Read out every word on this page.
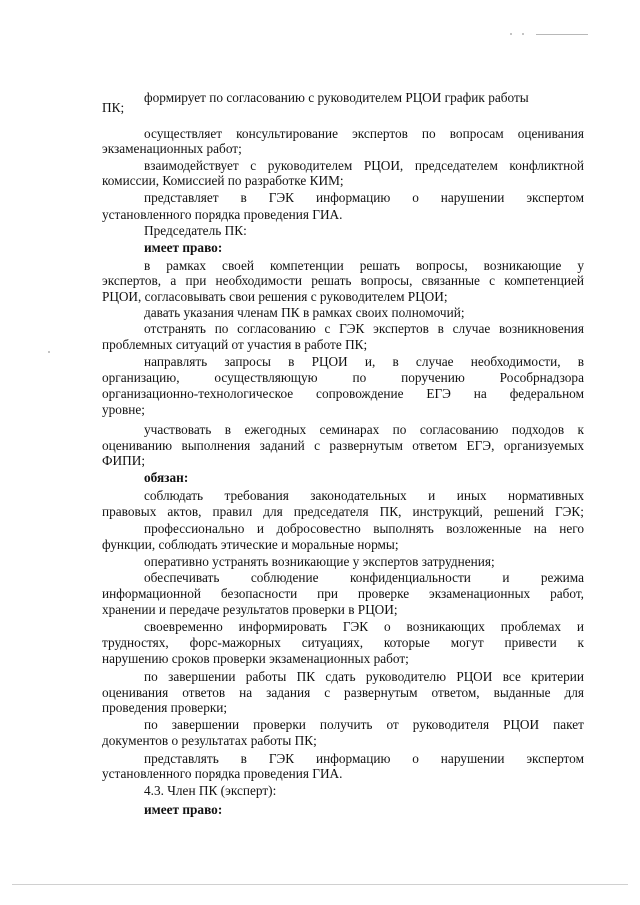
формирует по согласованию с руководителем РЦОИ график работы
ПК;
осуществляет консультирование экспертов по вопросам оценивания
экзаменационных работ;
взаимодействует с руководителем РЦОИ, председателем конфликтной
комиссии, Комиссией по разработке КИМ;
представляет в ГЭК информацию о нарушении экспертом
установленного порядка проведения ГИА.
Председатель ПК:
имеет право:
в рамках своей компетенции решать вопросы, возникающие у
экспертов, а при необходимости решать вопросы, связанные с компетенцией
РЦОИ, согласовывать свои решения с руководителем РЦОИ;
давать указания членам ПК в рамках своих полномочий;
отстранять по согласованию с ГЭК экспертов в случае возникновения
проблемных ситуаций от участия в работе ПК;
направлять запросы в РЦОИ и, в случае необходимости, в
организацию, осуществляющую по поручению Рособрнадзора
организационно-технологическое сопровождение ЕГЭ на федеральном
уровне;
участвовать в ежегодных семинарах по согласованию подходов к
оцениванию выполнения заданий с развернутым ответом ЕГЭ, организуемых
ФИПИ;
обязан:
соблюдать требования законодательных и иных нормативных
правовых актов, правил для председателя ПК, инструкций, решений ГЭК;
профессионально и добросовестно выполнять возложенные на него
функции, соблюдать этические и моральные нормы;
оперативно устранять возникающие у экспертов затруднения;
обеспечивать соблюдение конфиденциальности и режима
информационной безопасности при проверке экзаменационных работ,
хранении и передаче результатов проверки в РЦОИ;
своевременно информировать ГЭК о возникающих проблемах и
трудностях, форс-мажорных ситуациях, которые могут привести к
нарушению сроков проверки экзаменационных работ;
по завершении работы ПК сдать руководителю РЦОИ все критерии
оценивания ответов на задания с развернутым ответом, выданные для
проведения проверки;
по завершении проверки получить от руководителя РЦОИ пакет
документов о результатах работы ПК;
представлять в ГЭК информацию о нарушении экспертом
установленного порядка проведения ГИА.
4.3. Член ПК (эксперт):
имеет право:
